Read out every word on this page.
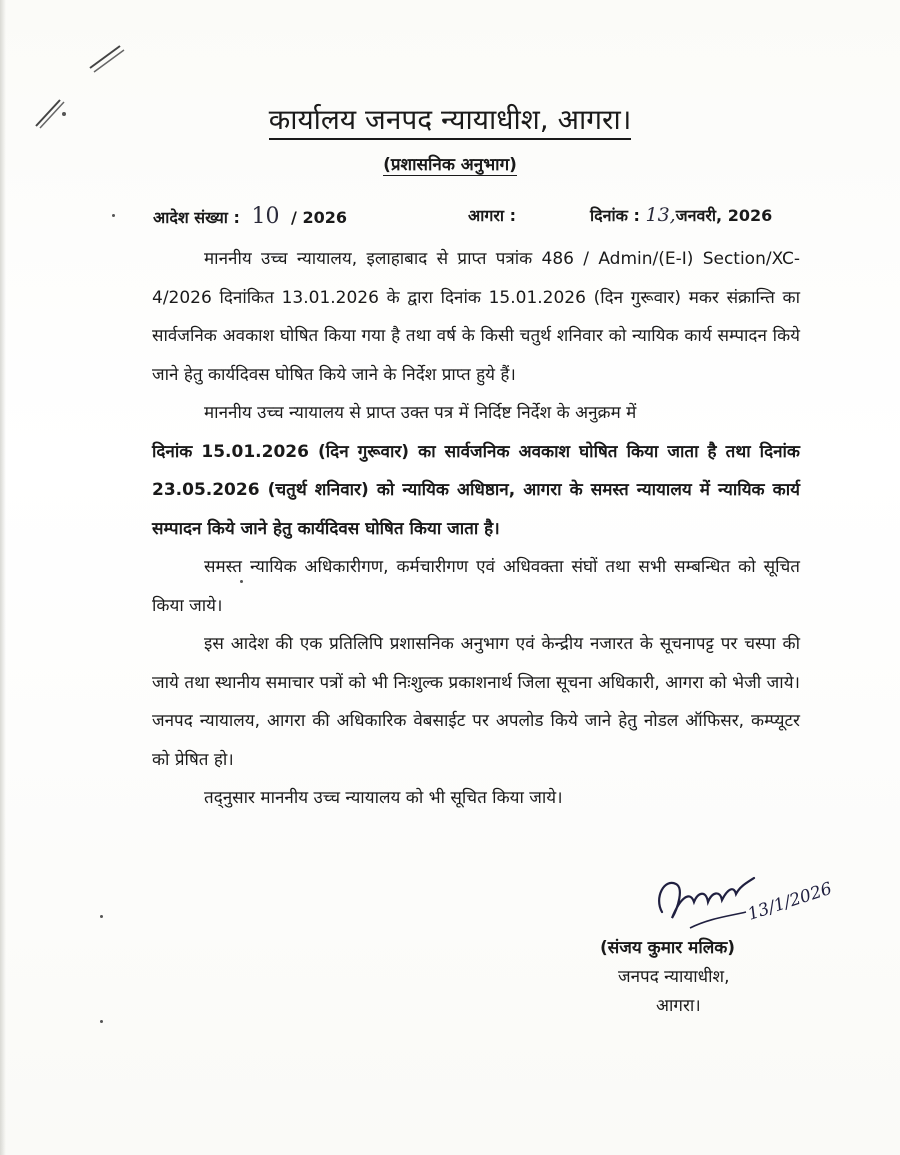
कार्यालय जनपद न्यायाधीश, आगरा।
(प्रशासनिक अनुभाग)
आदेश संख्या : 10 / 2026	आगरा :	दिनांक : 13,जनवरी, 2026

माननीय उच्च न्यायालय, इलाहाबाद से प्राप्त पत्रांक 486 / Admin/(E-I) Section/XC-4/2026 दिनांकित 13.01.2026 के द्वारा दिनांक 15.01.2026 (दिन गुरूवार) मकर संक्रान्ति का सार्वजनिक अवकाश घोषित किया गया है तथा वर्ष के किसी चतुर्थ शनिवार को न्यायिक कार्य सम्पादन किये जाने हेतु कार्यदिवस घोषित किये जाने के निर्देश प्राप्त हुये हैं।

माननीय उच्च न्यायालय से प्राप्त उक्त पत्र में निर्दिष्ट निर्देश के अनुक्रम में

दिनांक 15.01.2026 (दिन गुरूवार) का सार्वजनिक अवकाश घोषित किया जाता है तथा दिनांक 23.05.2026 (चतुर्थ शनिवार) को न्यायिक अधिष्ठान, आगरा के समस्त न्यायालय में न्यायिक कार्य सम्पादन किये जाने हेतु कार्यदिवस घोषित किया जाता है।

समस्त न्यायिक अधिकारीगण, कर्मचारीगण एवं अधिवक्ता संघों तथा सभी सम्बन्धित को सूचित किया जाये।

इस आदेश की एक प्रतिलिपि प्रशासनिक अनुभाग एवं केन्द्रीय नजारत के सूचनापट्ट पर चस्पा की जाये तथा स्थानीय समाचार पत्रों को भी निःशुल्क प्रकाशनार्थ जिला सूचना अधिकारी, आगरा को भेजी जाये। जनपद न्यायालय, आगरा की अधिकारिक वेबसाईट पर अपलोड किये जाने हेतु नोडल ऑफिसर, कम्प्यूटर को प्रेषित हो।

तद्नुसार माननीय उच्च न्यायालय को भी सूचित किया जाये।

13/1/2026
(संजय कुमार मलिक)
जनपद न्यायाधीश,
आगरा।
